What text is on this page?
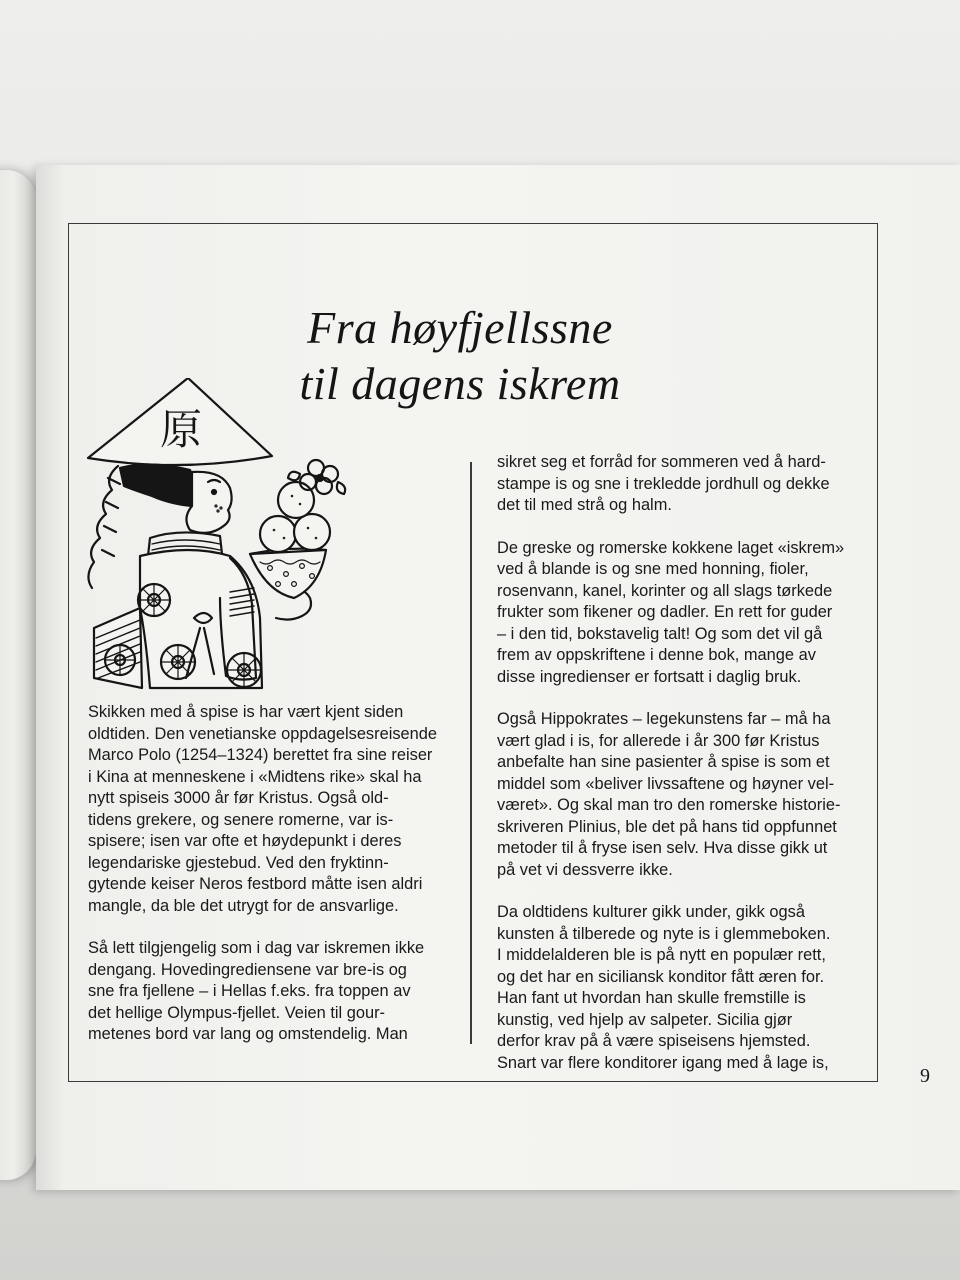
Fra høyfjellssne
til dagens iskrem
原

Skikken med å spise is har vært kjent siden
oldtiden. Den venetianske oppdagelsesreisende
Marco Polo (1254–1324) berettet fra sine reiser
i Kina at menneskene i «Midtens rike» skal ha
nytt spiseis 3000 år før Kristus. Også old-
tidens grekere, og senere romerne, var is-
spisere; isen var ofte et høydepunkt i deres
legendariske gjestebud. Ved den fryktinn-
gytende keiser Neros festbord måtte isen aldri
mangle, da ble det utrygt for de ansvarlige.

Så lett tilgjengelig som i dag var iskremen ikke
dengang. Hovedingrediensene var bre-is og
sne fra fjellene – i Hellas f.eks. fra toppen av
det hellige Olympus-fjellet. Veien til gour-
metenes bord var lang og omstendelig. Man

sikret seg et forråd for sommeren ved å hard-
stampe is og sne i trekledde jordhull og dekke
det til med strå og halm.

De greske og romerske kokkene laget «iskrem»
ved å blande is og sne med honning, fioler,
rosenvann, kanel, korinter og all slags tørkede
frukter som fikener og dadler. En rett for guder
– i den tid, bokstavelig talt! Og som det vil gå
frem av oppskriftene i denne bok, mange av
disse ingredienser er fortsatt i daglig bruk.

Også Hippokrates – legekunstens far – må ha
vært glad i is, for allerede i år 300 før Kristus
anbefalte han sine pasienter å spise is som et
middel som «beliver livssaftene og høyner vel-
været». Og skal man tro den romerske historie-
skriveren Plinius, ble det på hans tid oppfunnet
metoder til å fryse isen selv. Hva disse gikk ut
på vet vi dessverre ikke.

Da oldtidens kulturer gikk under, gikk også
kunsten å tilberede og nyte is i glemmeboken.
I middelalderen ble is på nytt en populær rett,
og det har en siciliansk konditor fått æren for.
Han fant ut hvordan han skulle fremstille is
kunstig, ved hjelp av salpeter. Sicilia gjør
derfor krav på å være spiseisens hjemsted.
Snart var flere konditorer igang med å lage is,

9
